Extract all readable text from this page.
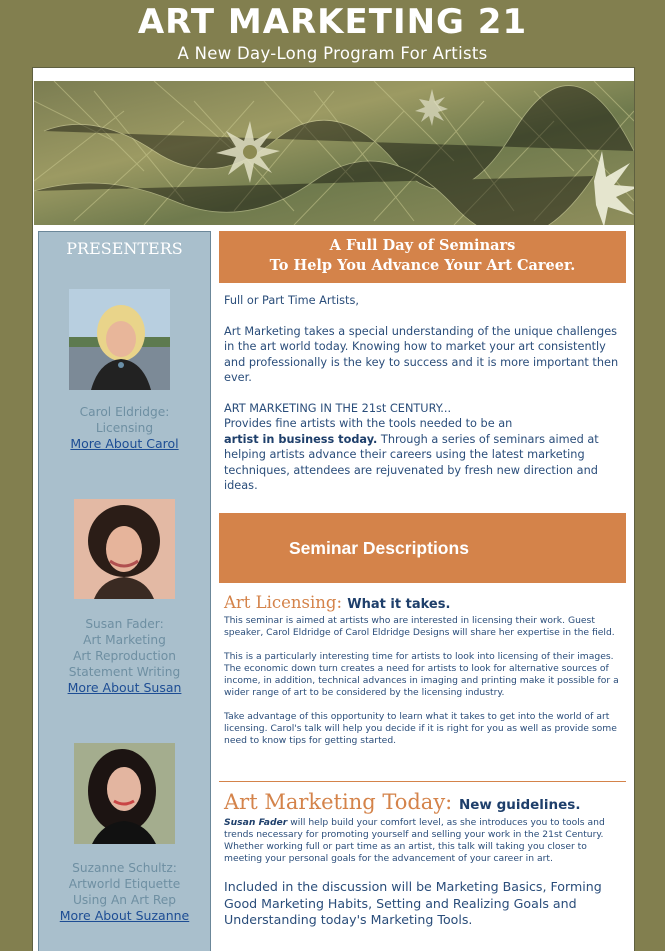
ART MARKETING 21
A New Day-Long Program For Artists
PRESENTERS
Carol Eldridge:
Licensing
More About Carol
Susan Fader:
Art Marketing
Art Reproduction
Statement Writing
More About Susan
Suzanne Schultz:
Artworld Etiquette
Using An Art Rep
More About Suzanne
A Full Day of Seminars
To Help You Advance Your Art Career.

Full or Part Time Artists,

Art Marketing takes a special understanding of the unique challenges in the art world today. Knowing how to market your art consistently and professionally is the key to success and it is more important then ever.

ART MARKETING IN THE 21st CENTURY...
Provides fine artists with the tools needed to be an
artist in business today. Through a series of seminars aimed at helping artists advance their careers using the latest marketing techniques, attendees are rejuvenated by fresh new direction and ideas.

Seminar Descriptions
Art Licensing: What it takes.

This seminar is aimed at artists who are interested in licensing their work. Guest speaker, Carol Eldridge of Carol Eldridge Designs will share her expertise in the field.

This is a particularly interesting time for artists to look into licensing of their images. The economic down turn creates a need for artists to look for alternative sources of income, in addition, technical advances in imaging and printing make it possible for a wider range of art to be considered by the licensing industry.

Take advantage of this opportunity to learn what it takes to get into the world of art licensing. Carol's talk will help you decide if it is right for you as well as provide some need to know tips for getting started.

Art Marketing Today: New guidelines.
Susan Fader will help build your comfort level, as she introduces you to tools and trends necessary for promoting yourself and selling your work in the 21st Century. Whether working full or part time as an artist, this talk will taking you closer to meeting your personal goals for the advancement of your career in art.
Included in the discussion will be Marketing Basics, Forming Good Marketing Habits, Setting and Realizing Goals and Understanding today's Marketing Tools.
